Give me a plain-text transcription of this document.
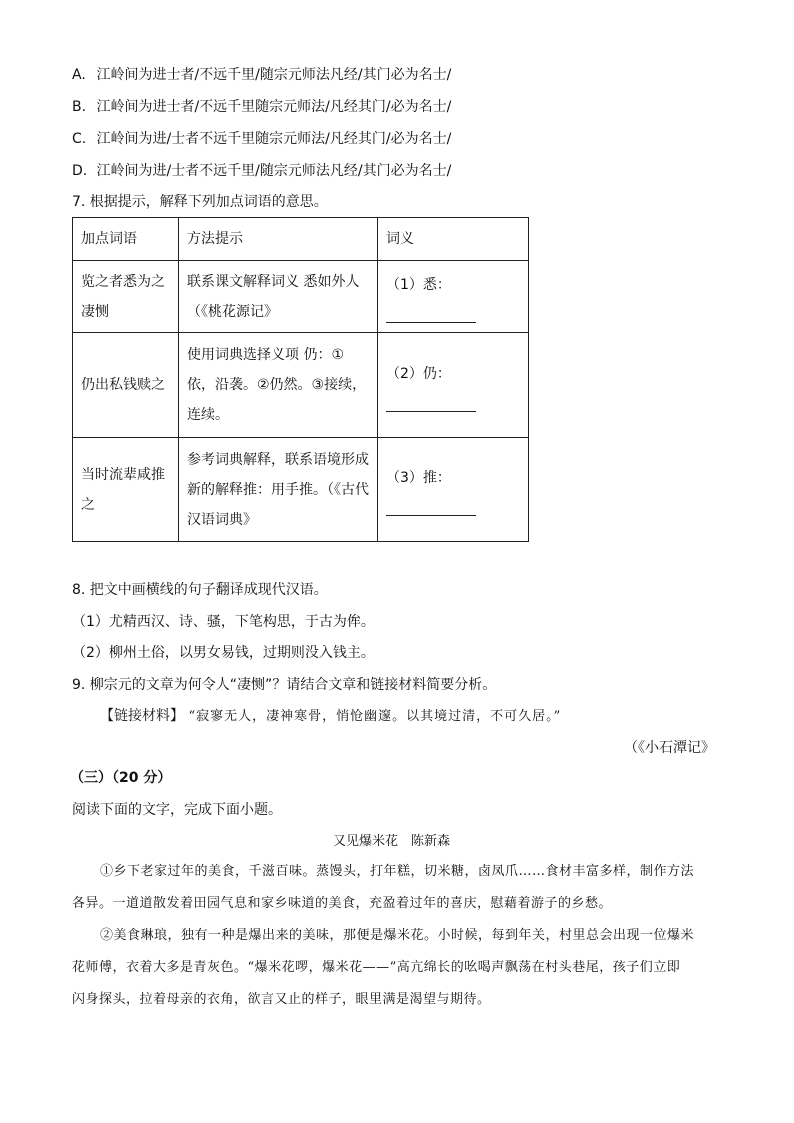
A. 江岭间为进士者/不远千里/随宗元师法凡经/其门必为名士/
B. 江岭间为进士者/不远千里随宗元师法/凡经其门/必为名士/
C. 江岭间为进/士者不远千里随宗元师法/凡经其门/必为名士/
D. 江岭间为进/士者不远千里/随宗元师法凡经/其门必为名士/
7. 根据提示，解释下列加点词语的意思。
加点词语	方法提示	词义
览之者悉为之凄恻	联系课文解释词义 悉如外人（《桃花源记》	（1）悉：

仍出私钱赎之	使用词典选择义项 仍：①依，沿袭。②仍然。③接续，连续。	（2）仍：

当时流辈咸推之	参考词典解释，联系语境形成新的解释推：用手推。（《古代汉语词典》	（3）推：
8. 把文中画横线的句子翻译成现代汉语。
（1）尤精西汉、诗、骚，下笔构思，于古为侔。
（2）柳州土俗，以男女易钱，过期则没入钱主。
9. 柳宗元的文章为何令人“凄恻”？请结合文章和链接材料简要分析。
【链接材料】 “寂寥无人，凄神寒骨，悄怆幽邃。以其境过清，不可久居。”
（《小石潭记》
（三）（20 分）
阅读下面的文字，完成下面小题。
又见爆米花　陈新森
①乡下老家过年的美食，千滋百味。蒸馒头，打年糕，切米糖，卤凤爪……食材丰富多样，制作方法
各异。一道道散发着田园气息和家乡味道的美食，充盈着过年的喜庆，慰藉着游子的乡愁。
②美食琳琅，独有一种是爆出来的美味，那便是爆米花。小时候，每到年关，村里总会出现一位爆米
花师傅，衣着大多是青灰色。“爆米花啰，爆米花——”高亢绵长的吆喝声飘荡在村头巷尾，孩子们立即
闪身探头，拉着母亲的衣角，欲言又止的样子，眼里满是渴望与期待。
